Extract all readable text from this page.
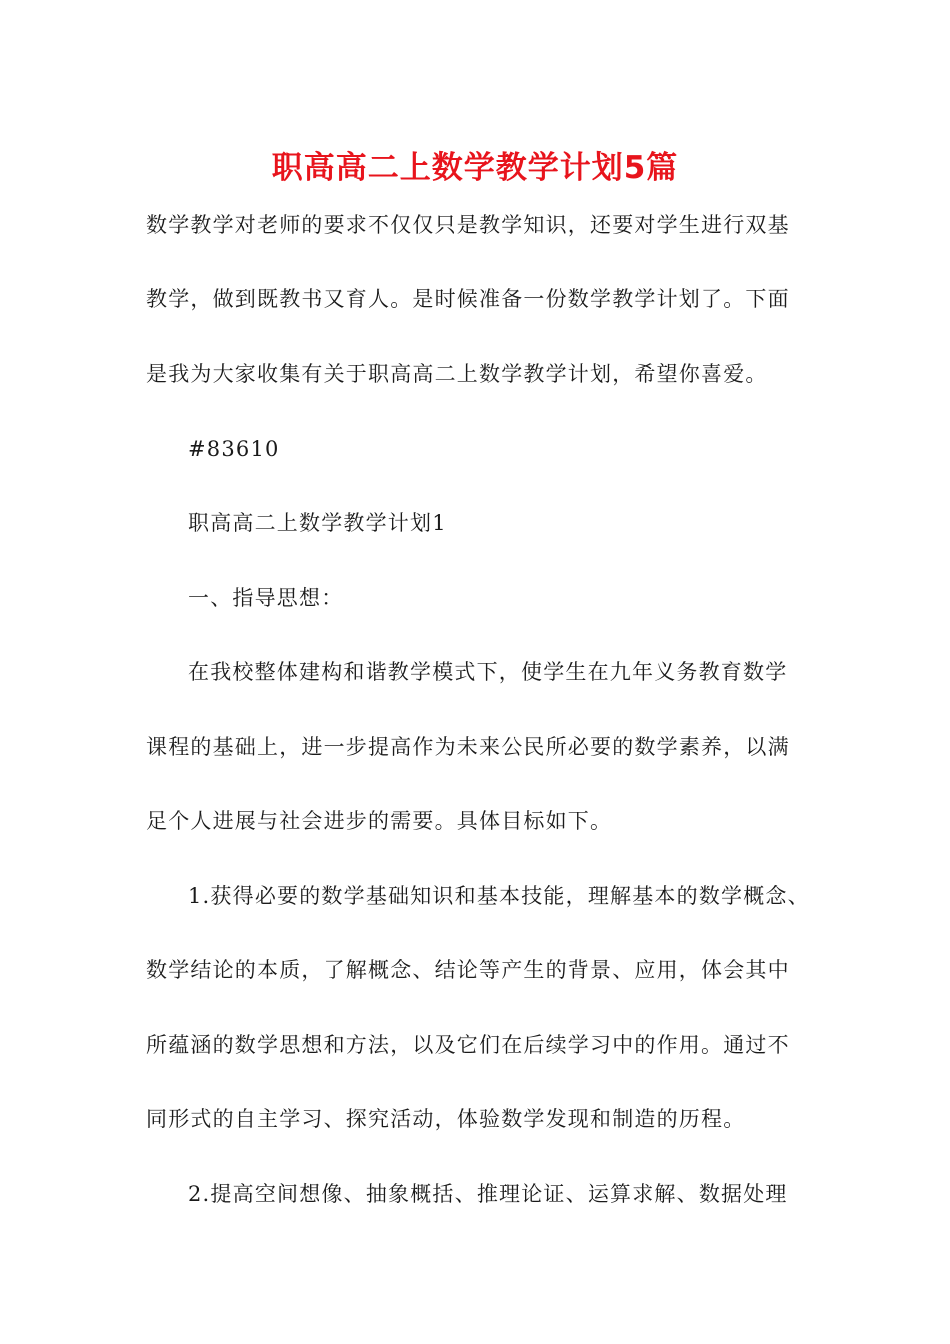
职高高二上数学教学计划5篇
数学教学对老师的要求不仅仅只是教学知识，还要对学生进行双基
教学，做到既教书又育人。是时候准备一份数学教学计划了。下面
是我为大家收集有关于职高高二上数学教学计划，希望你喜爱。
#83610
职高高二上数学教学计划1
一、指导思想：
在我校整体建构和谐教学模式下，使学生在九年义务教育数学
课程的基础上，进一步提高作为未来公民所必要的数学素养，以满
足个人进展与社会进步的需要。具体目标如下。
1.获得必要的数学基础知识和基本技能，理解基本的数学概念、
数学结论的本质，了解概念、结论等产生的背景、应用，体会其中
所蕴涵的数学思想和方法，以及它们在后续学习中的作用。通过不
同形式的自主学习、探究活动，体验数学发现和制造的历程。
2.提高空间想像、抽象概括、推理论证、运算求解、数据处理
